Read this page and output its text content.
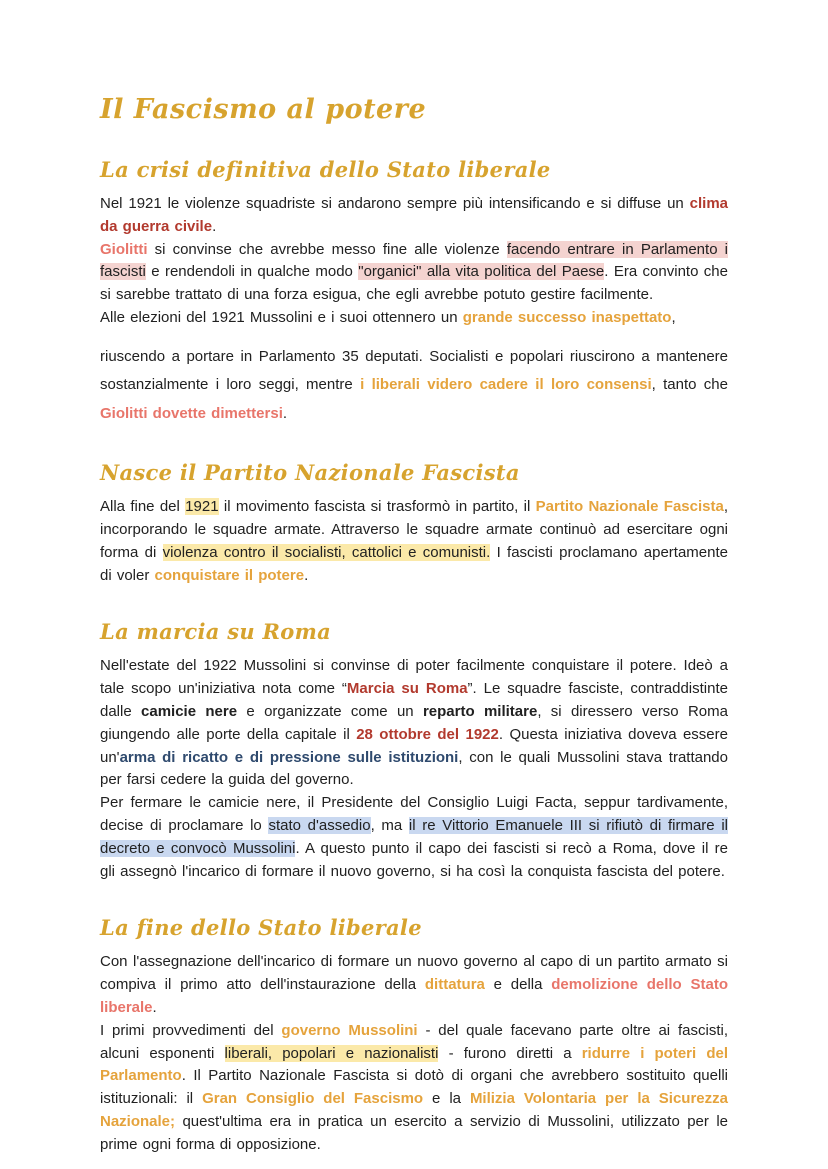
Il Fascismo al potere
La crisi definitiva dello Stato liberale

Nel 1921 le violenze squadriste si andarono sempre più intensificando e si diffuse un clima da guerra civile.

Giolitti si convinse che avrebbe messo fine alle violenze facendo entrare in Parlamento i fascisti e rendendoli in qualche modo "organici" alla vita politica del Paese. Era convinto che si sarebbe trattato di una forza esigua, che egli avrebbe potuto gestire facilmente.

Alle elezioni del 1921 Mussolini e i suoi ottennero un grande successo inaspettato,

riuscendo a portare in Parlamento 35 deputati. Socialisti e popolari riuscirono a mantenere sostanzialmente i loro seggi, mentre i liberali videro cadere il loro consensi, tanto che Giolitti dovette dimettersi.

Nasce il Partito Nazionale Fascista

Alla fine del 1921 il movimento fascista si trasformò in partito, il Partito Nazionale Fascista, incorporando le squadre armate. Attraverso le squadre armate continuò ad esercitare ogni forma di violenza contro il socialisti, cattolici e comunisti. I fascisti proclamano apertamente di voler conquistare il potere.

La marcia su Roma

Nell'estate del 1922 Mussolini si convinse di poter facilmente conquistare il potere. Ideò a tale scopo un'iniziativa nota come “Marcia su Roma”. Le squadre fasciste, contraddistinte dalle camicie nere e organizzate come un reparto militare, si diressero verso Roma giungendo alle porte della capitale il 28 ottobre del 1922. Questa iniziativa doveva essere un'arma di ricatto e di pressione sulle istituzioni, con le quali Mussolini stava trattando per farsi cedere la guida del governo.

Per fermare le camicie nere, il Presidente del Consiglio Luigi Facta, seppur tardivamente, decise di proclamare lo stato d'assedio, ma il re Vittorio Emanuele III si rifiutò di firmare il decreto e convocò Mussolini. A questo punto il capo dei fascisti si recò a Roma, dove il re gli assegnò l'incarico di formare il nuovo governo, si ha così la conquista fascista del potere.

La fine dello Stato liberale

Con l'assegnazione dell'incarico di formare un nuovo governo al capo di un partito armato si compiva il primo atto dell'instaurazione della dittatura e della demolizione dello Stato liberale.

I primi provvedimenti del governo Mussolini - del quale facevano parte oltre ai fascisti, alcuni esponenti liberali, popolari e nazionalisti - furono diretti a ridurre i poteri del Parlamento. Il Partito Nazionale Fascista si dotò di organi che avrebbero sostituito quelli istituzionali: il Gran Consiglio del Fascismo e la Milizia Volontaria per la Sicurezza Nazionale; quest'ultima era in pratica un esercito a servizio di Mussolini, utilizzato per le prime ogni forma di opposizione.
